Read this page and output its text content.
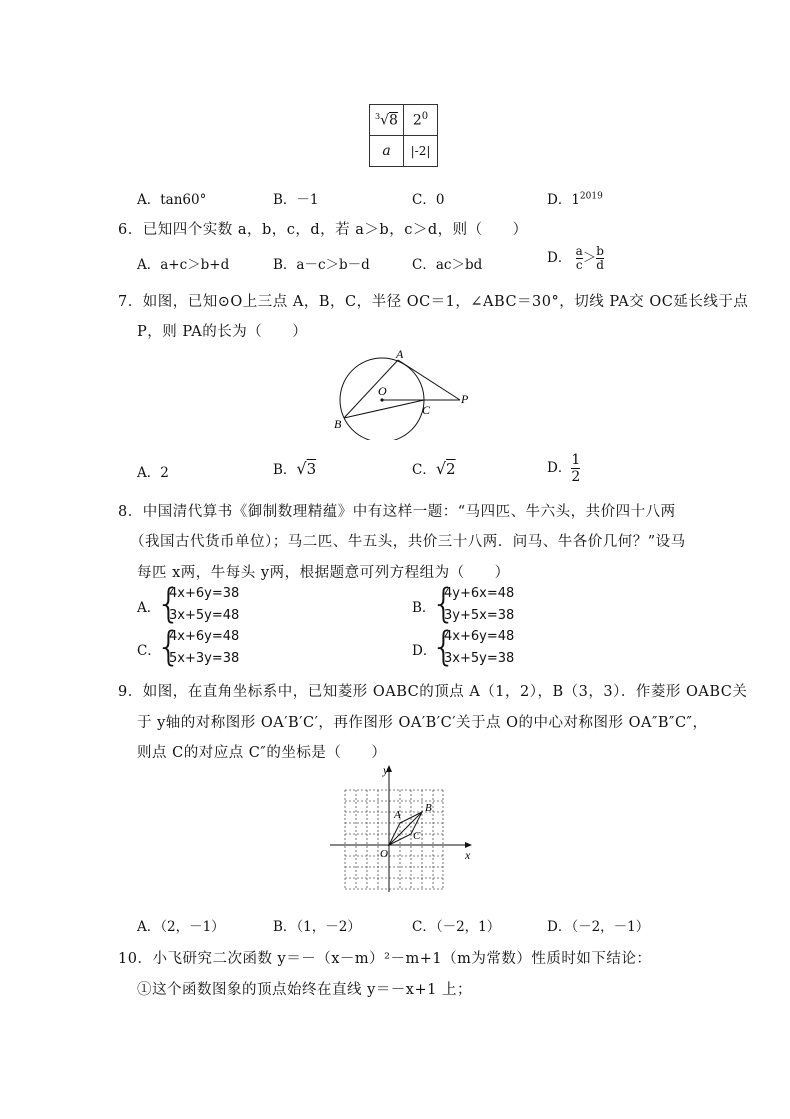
$^3$√8	$2^0$
a	|-2|
A．tan60°	B．－1	C．0	D．$1^{2019}$
6．已知四个实数 a，b，c，d，若 a＞b，c＞d，则（　　）
A．a+c＞b+d	B．a－c＞b－d	C．ac＞bd	D． $\frac{a}{c} > \frac{b}{d}$
7．如图，已知⊙O上三点 A，B，C，半径 OC＝1，∠ABC＝30°，切线 PA交 OC延长线于点
P，则 PA的长为（　　）
A
O
B
C
P
A．2	B．√3	C．√2	D． $\frac{1}{2}$
8．中国清代算书《御制数理精蕴》中有这样一题：“马四匹、牛六头，共价四十八两
（我国古代货币单位）；马二匹、牛五头，共价三十八两．问马、牛各价几何？”设马
每匹 x两，牛每头 y两，根据题意可列方程组为（　　）
A．
{
4x+6y=38
3x+5y=48	B．
{
4y+6x=48
3y+5x=38
C．
{
4x+6y=48
5x+3y=38	D．
{
4x+6y=48
3x+5y=38
9．如图，在直角坐标系中，已知菱形 OABC的顶点 A（1，2），B（3，3）．作菱形 OABC关
于 y轴的对称图形 OA′B′C′，再作图形 OA′B′C′关于点 O的中心对称图形 OA″B″C″，
则点 C的对应点 C″的坐标是（　　）
y
x
A
B
C
O
A．（2，－1）	B．（1，－2）	C．（－2，1）	D．（－2，－1）
10．小飞研究二次函数 y＝－（x－m）²－m+1（m为常数）性质时如下结论：
①这个函数图象的顶点始终在直线 y＝－x+1 上；
